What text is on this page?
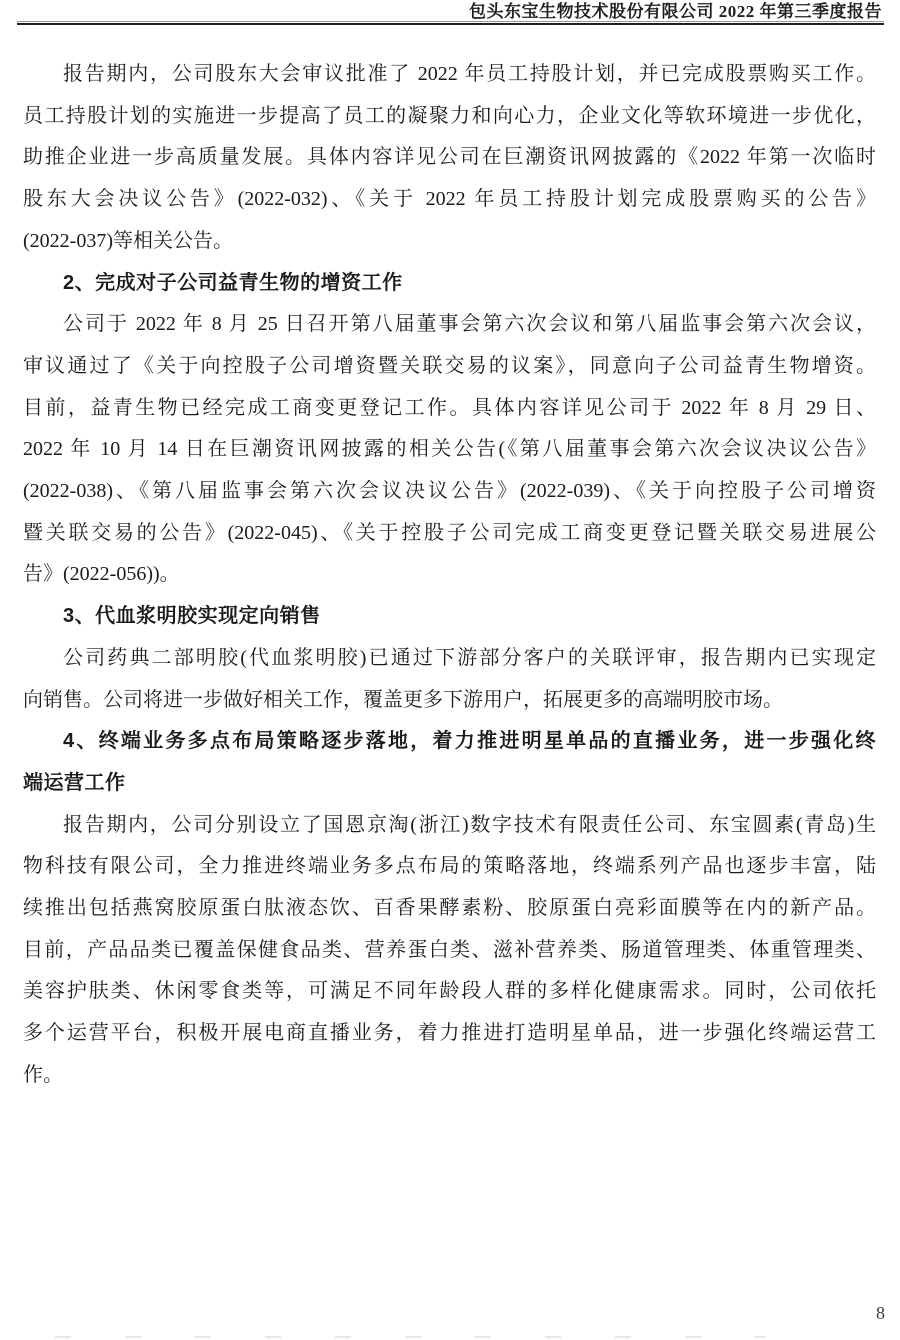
包头东宝生物技术股份有限公司 2022 年第三季度报告
报告期内，公司股东大会审议批准了 2022 年员工持股计划，并已完成股票购买工作。
员工持股计划的实施进一步提高了员工的凝聚力和向心力，企业文化等软环境进一步优化，
助推企业进一步高质量发展。具体内容详见公司在巨潮资讯网披露的《2022 年第一次临时
股东大会决议公告》(2022-032)、《关于 2022 年员工持股计划完成股票购买的公告》
(2022-037)等相关公告。
2、完成对子公司益青生物的增资工作
公司于 2022 年 8 月 25 日召开第八届董事会第六次会议和第八届监事会第六次会议，
审议通过了《关于向控股子公司增资暨关联交易的议案》，同意向子公司益青生物增资。
目前，益青生物已经完成工商变更登记工作。具体内容详见公司于 2022 年 8 月 29 日、
2022 年 10 月 14 日在巨潮资讯网披露的相关公告(《第八届董事会第六次会议决议公告》
(2022-038)、《第八届监事会第六次会议决议公告》(2022-039)、《关于向控股子公司增资
暨关联交易的公告》(2022-045)、《关于控股子公司完成工商变更登记暨关联交易进展公
告》(2022-056))。
3、代血浆明胶实现定向销售
公司药典二部明胶(代血浆明胶)已通过下游部分客户的关联评审，报告期内已实现定
向销售。公司将进一步做好相关工作，覆盖更多下游用户，拓展更多的高端明胶市场。
4、终端业务多点布局策略逐步落地，着力推进明星单品的直播业务，进一步强化终
端运营工作
报告期内，公司分别设立了国恩京淘(浙江)数字技术有限责任公司、东宝圆素(青岛)生
物科技有限公司，全力推进终端业务多点布局的策略落地，终端系列产品也逐步丰富，陆
续推出包括燕窝胶原蛋白肽液态饮、百香果酵素粉、胶原蛋白亮彩面膜等在内的新产品。
目前，产品品类已覆盖保健食品类、营养蛋白类、滋补营养类、肠道管理类、体重管理类、
美容护肤类、休闲零食类等，可满足不同年龄段人群的多样化健康需求。同时，公司依托
多个运营平台，积极开展电商直播业务，着力推进打造明星单品，进一步强化终端运营工
作。
8
